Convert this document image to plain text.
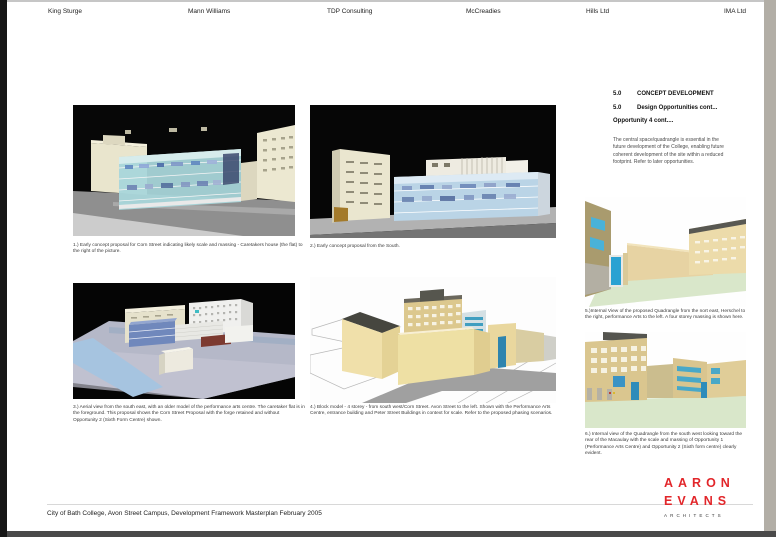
King Sturge	Mann Williams	TDP Consulting	McCreadies	Hills Ltd	IMA Ltd
1.) Early concept proposal for Corn Street indicating likely scale and massing - Caretakers house (the flat) to the right of the picture.
2.) Early concept proposal from the South.
3.) Aerial view from the south east, with an older model of the performance arts centre. The caretaker flat is in the foreground. This proposal shows the Corn Street Proposal with the forge retained and without Opportunity 2 (Sixth Form Centre) shown.
4.) Block model - 4 storey - from south west/Corn Street. Avon Street to the left. Shown with the Performance Arts Centre, entrance building and Peter Street Buildings in context for scale. Refer to the proposed phasing scenarios.
5.0	CONCEPT DEVELOPMENT
5.0	Design Opportunities cont...
Opportunity 4 cont....
The central space/quadrangle is essential in the future development of the College, enabling future coherent development of the site within a reduced footprint. Refer to later opportunities.
5.)Internal View of the proposed Quadrangle from the nort east, Herschel to the right, performance Arts to the left. A four storey massing is shown here.
6.) Internal view of the Quadrangle from the south west looking toward the rear of the Macaulay with the scale and massing of Opportunity 1 (Performance Arts Centre) and Opportunity 2 (Sixth form centre) clearly evident.
City of Bath College, Avon Street Campus, Development Framework Masterplan February 2005
AARON
EVANS
ARCHITECTS
